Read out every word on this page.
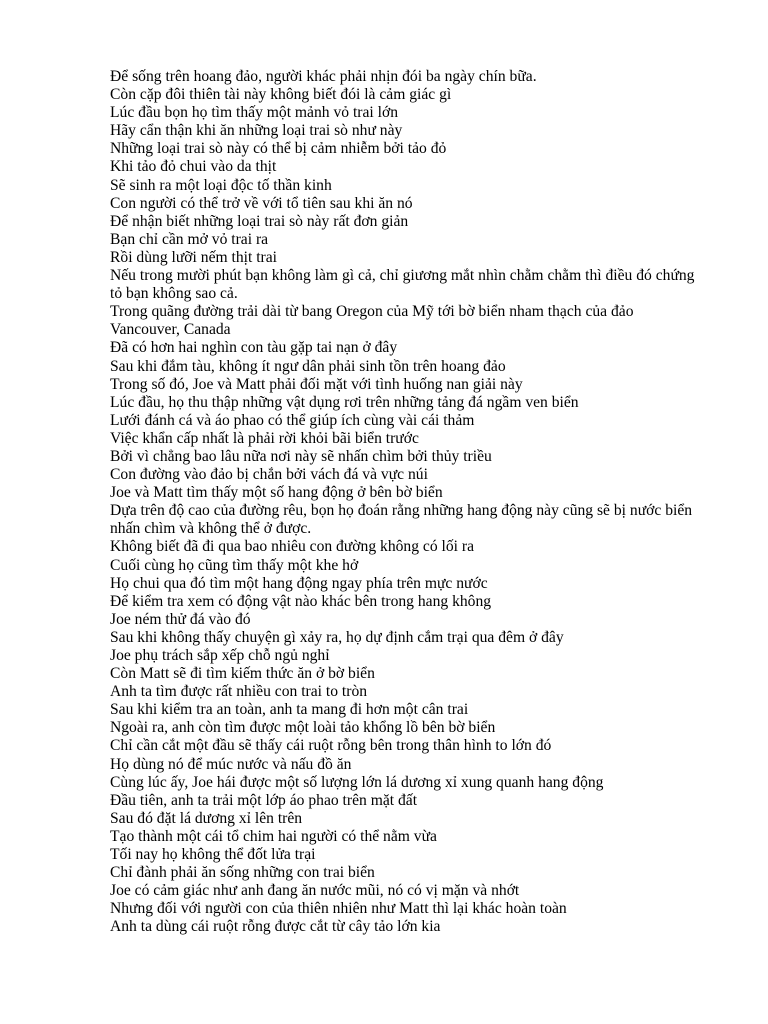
Để sống trên hoang đảo, người khác phải nhịn đói ba ngày chín bữa.
Còn cặp đôi thiên tài này không biết đói là cảm giác gì
Lúc đầu bọn họ tìm thấy một mảnh vỏ trai lớn
Hãy cẩn thận khi ăn những loại trai sò như này
Những loại trai sò này có thể bị cảm nhiễm bởi tảo đỏ
Khi tảo đỏ chui vào da thịt
Sẽ sinh ra một loại độc tố thần kinh
Con người có thể trở về với tổ tiên sau khi ăn nó
Để nhận biết những loại trai sò này rất đơn giản
Bạn chỉ cần mở vỏ trai ra
Rồi dùng lưỡi nếm thịt trai
Nếu trong mười phút bạn không làm gì cả, chỉ giương mắt nhìn chằm chằm thì điều đó chứng tỏ bạn không sao cả.
Trong quãng đường trải dài từ bang Oregon của Mỹ tới bờ biển nham thạch của đảo Vancouver, Canada
Đã có hơn hai nghìn con tàu gặp tai nạn ở đây
Sau khi đắm tàu, không ít ngư dân phải sinh tồn trên hoang đảo
Trong số đó, Joe và Matt phải đối mặt với tình huống nan giải này
Lúc đầu, họ thu thập những vật dụng rơi trên những tảng đá ngầm ven biển
Lưới đánh cá và áo phao có thể giúp ích cùng vài cái thảm
Việc khẩn cấp nhất là phải rời khỏi bãi biển trước
Bởi vì chẳng bao lâu nữa nơi này sẽ nhấn chìm bởi thủy triều
Con đường vào đảo bị chắn bởi vách đá và vực núi
Joe và Matt tìm thấy một số hang động ở bên bờ biển
Dựa trên độ cao của đường rêu, bọn họ đoán rằng những hang động này cũng sẽ bị nước biển nhấn chìm và không thể ở được.
Không biết đã đi qua bao nhiêu con đường không có lối ra
Cuối cùng họ cũng tìm thấy một khe hở
Họ chui qua đó tìm một hang động ngay phía trên mực nước
Để kiểm tra xem có động vật nào khác bên trong hang không
Joe ném thử đá vào đó
Sau khi không thấy chuyện gì xảy ra, họ dự định cắm trại qua đêm ở đây
Joe phụ trách sắp xếp chỗ ngủ nghỉ
Còn Matt sẽ đi tìm kiếm thức ăn ở bờ biển
Anh ta tìm được rất nhiều con trai to tròn
Sau khi kiểm tra an toàn, anh ta mang đi hơn một cân trai
Ngoài ra, anh còn tìm được một loài tảo khổng lồ bên bờ biển
Chỉ cần cắt một đầu sẽ thấy cái ruột rỗng bên trong thân hình to lớn đó
Họ dùng nó để múc nước và nấu đồ ăn
Cùng lúc ấy, Joe hái được một số lượng lớn lá dương xỉ xung quanh hang động
Đầu tiên, anh ta trải một lớp áo phao trên mặt đất
Sau đó đặt lá dương xỉ lên trên
Tạo thành một cái tổ chim hai người có thể nằm vừa
Tối nay họ không thể đốt lửa trại
Chỉ đành phải ăn sống những con trai biển
Joe có cảm giác như anh đang ăn nước mũi, nó có vị mặn và nhớt
Nhưng đối với người con của thiên nhiên như Matt thì lại khác hoàn toàn
Anh ta dùng cái ruột rỗng được cắt từ cây tảo lớn kia
